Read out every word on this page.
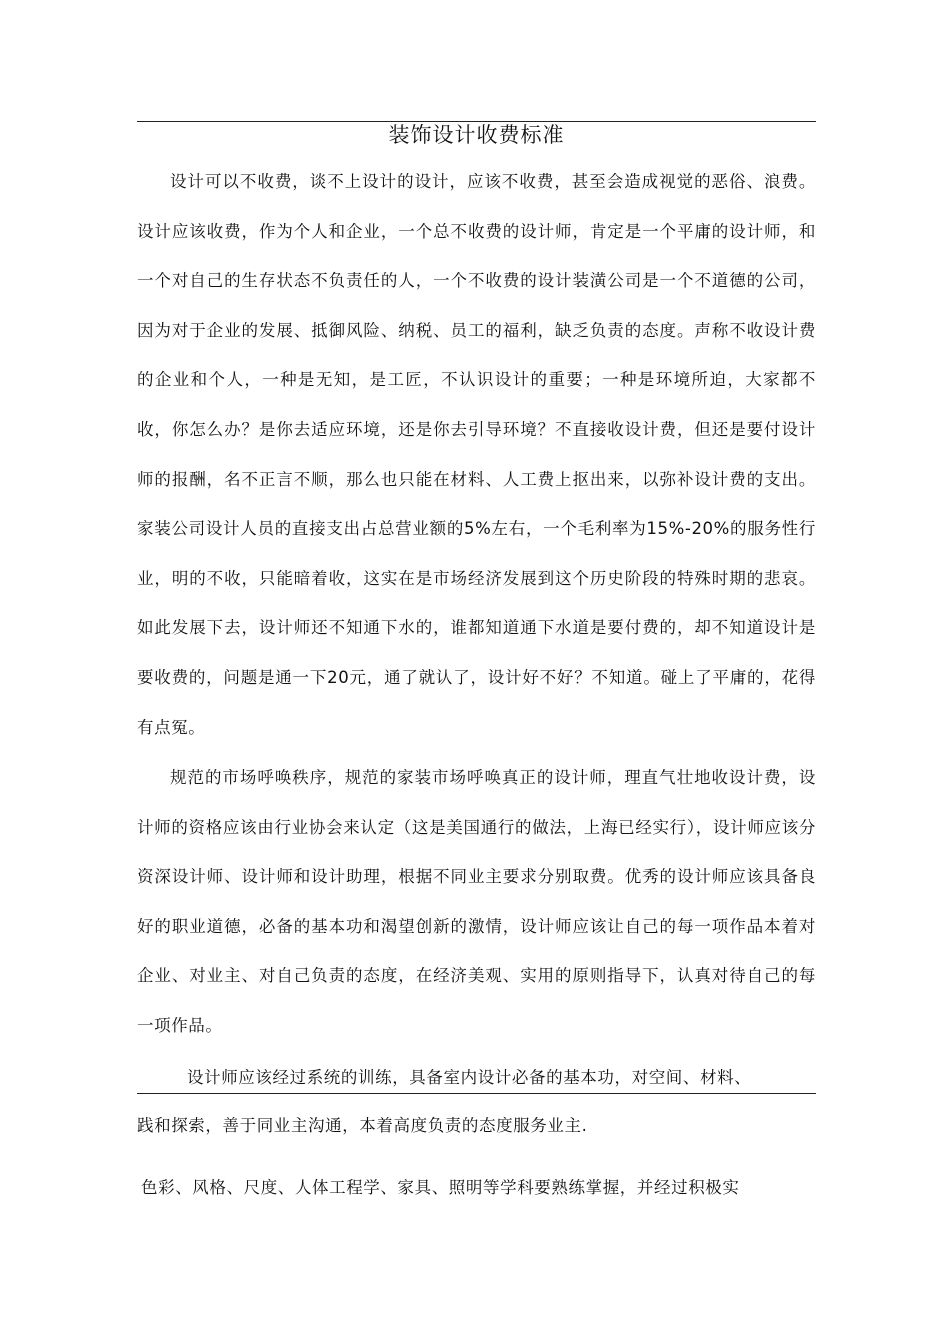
装饰设计收费标准

设计可以不收费，谈不上设计的设计，应该不收费，甚至会造成视觉的恶俗、浪费。设计应该收费，作为个人和企业，一个总不收费的设计师，肯定是一个平庸的设计师，和一个对自己的生存状态不负责任的人，一个不收费的设计装潢公司是一个不道德的公司，因为对于企业的发展、抵御风险、纳税、员工的福利，缺乏负责的态度。声称不收设计费的企业和个人，一种是无知，是工匠，不认识设计的重要；一种是环境所迫，大家都不收，你怎么办？是你去适应环境，还是你去引导环境？不直接收设计费，但还是要付设计师的报酬，名不正言不顺，那么也只能在材料、人工费上抠出来，以弥补设计费的支出。家装公司设计人员的直接支出占总营业额的5%左右，一个毛利率为15%-20%的服务性行业，明的不收，只能暗着收，这实在是市场经济发展到这个历史阶段的特殊时期的悲哀。如此发展下去，设计师还不知通下水的，谁都知道通下水道是要付费的，却不知道设计是要收费的，问题是通一下20元，通了就认了，设计好不好？不知道。碰上了平庸的，花得有点冤。

规范的市场呼唤秩序，规范的家装市场呼唤真正的设计师，理直气壮地收设计费，设计师的资格应该由行业协会来认定（这是美国通行的做法，上海已经实行），设计师应该分资深设计师、设计师和设计助理，根据不同业主要求分别取费。优秀的设计师应该具备良好的职业道德，必备的基本功和渴望创新的激情，设计师应该让自己的每一项作品本着对企业、对业主、对自己负责的态度，在经济美观、实用的原则指导下，认真对待自己的每一项作品。

设计师应该经过系统的训练，具备室内设计必备的基本功，对空间、材料、

践和探索，善于同业主沟通，本着高度负责的态度服务业主.

色彩、风格、尺度、人体工程学、家具、照明等学科要熟练掌握，并经过积极实
